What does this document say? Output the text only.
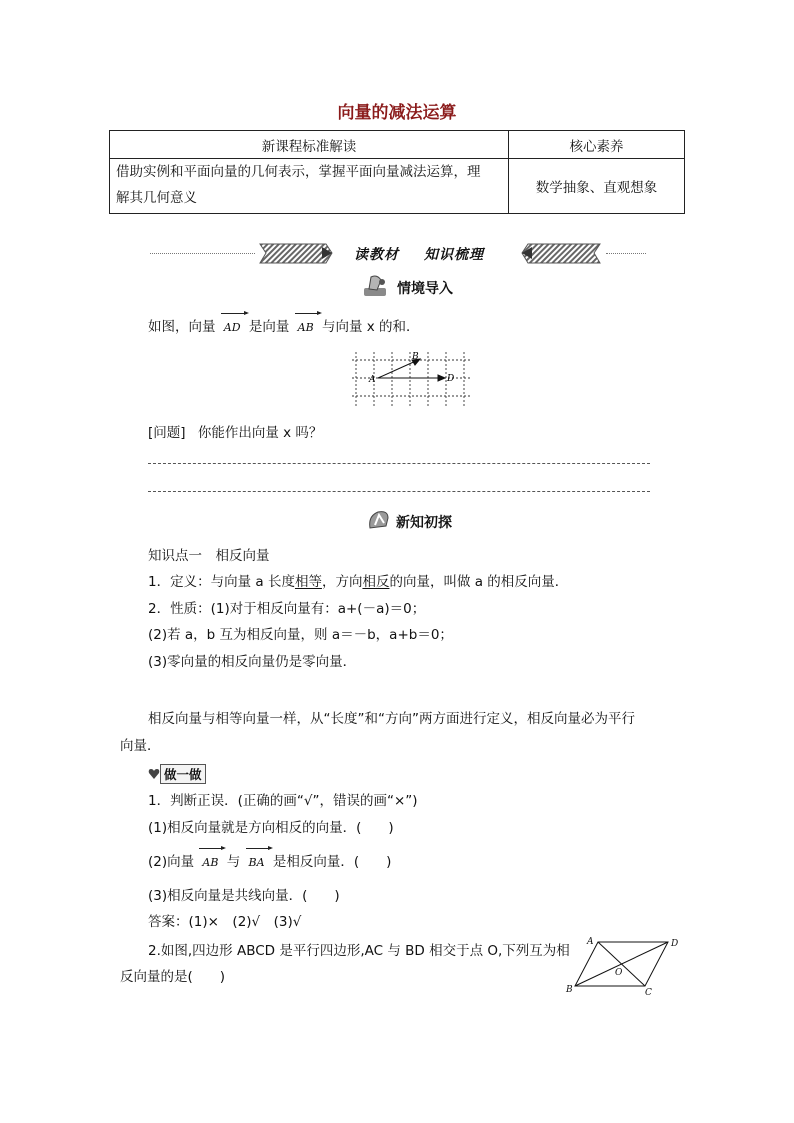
向量的减法运算
新课程标准解读	核心素养

借助实例和平面向量的几何表示，掌握平面向量减法运算，理
解其几何意义	数学抽象、直观想象
读教材 知识梳理
情境导入
如图，向量 AD 是向量 AB 与向量 x 的和．
A
B
D
[问题] 你能作出向量 x 吗？
新知初探
知识点一　相反向量
1．定义：与向量 a 长度相等，方向相反的向量，叫做 a 的相反向量．
2．性质：(1)对于相反向量有：a+(－a)＝0；
(2)若 a，b 互为相反向量，则 a＝－b，a+b＝0；
(3)零向量的相反向量仍是零向量．
相反向量与相等向量一样，从“长度”和“方向”两方面进行定义，相反向量必为平行
向量．
做一做
1．判断正误．(正确的画“√”，错误的画“×”)
(1)相反向量就是方向相反的向量．(　　)
(2)向量 AB 与 BA 是相反向量．(　　)
(3)相反向量是共线向量．(　　)
答案：(1)×　(2)√　(3)√
2.如图,四边形 ABCD 是平行四边形,AC 与 BD 相交于点 O,下列互为相
反向量的是(　　)
A
B	C
D
O
